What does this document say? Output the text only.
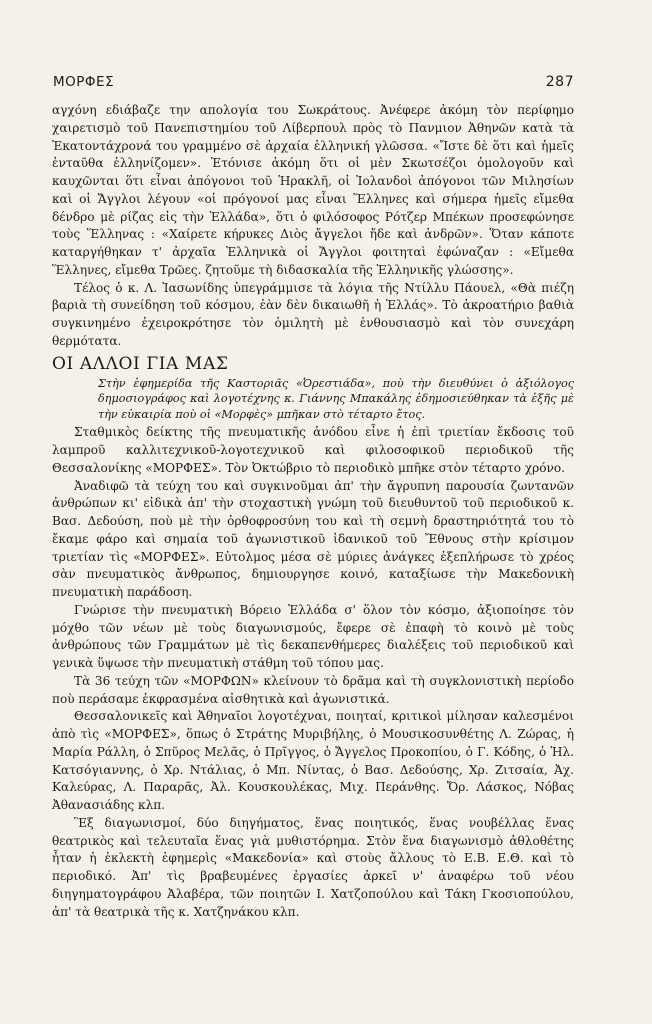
ΜΟΡΦΕΣ	287

αγχόνη εδιάβαζε την απολογία του Σωκράτους. Ἀνέφερε ἀκόμη τὸν περίφημο χαιρετισμὸ τοῦ Πανεπιστημίου τοῦ Λίβερπουλ πρὸς τὸ Πανμιον Ἀθηνῶν κατὰ τὰ Ἐκατοντάχρονά του γραμμένο σὲ ἀρχαία ἑλληνική γλῶσσα. «Ἴστε δὲ ὅτι καὶ ἡμεῖς ἐνταῦθα ἐλληνίζομεν». Ἐτόνισε ἀκόμη ὅτι οἱ μὲν Σκωτσέζοι ὁμολογοῦν καὶ καυχῶνται ὅτι εἶναι ἀπόγονοι τοῦ Ἡρακλῆ, οἱ Ἰολανδοὶ ἀπόγονοι τῶν Μιλησίων καὶ οἱ Ἄγγλοι λέγουν «οἱ πρόγονοί μας εἶναι Ἕλληνες καὶ σήμερα ἡμεῖς εἴμεθα δένδρο μὲ ρίζας εἰς τὴν Ἑλλάδα», ὅτι ὁ φιλόσοφος Ρότζερ Μπέκων προσεφώνησε τοὺς Ἕλληνας : «Χαίρετε κήρυκες Διὸς ἄγγελοι ἤδε καὶ ἀνδρῶν». Ὅταν κάποτε καταργήθηκαν τ' ἀρχαῖα Ἑλληνικὰ οἱ Ἄγγλοι φοιτηταὶ ἐφώναζαν : «Εἴμεθα Ἕλληνες, εἴμεθα Τρῶες. ζητοῦμε τὴ διδασκαλία τῆς Ἑλληνικῆς γλώσσης».

Τέλος ὁ κ. Λ. Ἰασωνίδης ὑπεγράμμισε τὰ λόγια τῆς Ντίλλυ Πάουελ, «Θὰ πιέζη βαριὰ τὴ συνείδηση τοῦ κόσμου, ἐὰν δὲν δικαιωθῆ ἡ Ἑλλάς». Τὸ ἀκροατήριο βαθιὰ συγκινημένο ἐχειροκρότησε τὸν ὁμιλητὴ μὲ ἐνθουσιασμὸ καὶ τὸν συνεχάρη θερμότατα.

ΟΙ ΑΛΛΟΙ ΓΙΑ ΜΑΣ

Στὴν ἐφημερίδα τῆς Καστοριᾶς «Ὀρεστιάδα», ποὺ τὴν διευθύνει ὁ ἀξιόλογος δημοσιογράφος καὶ λογοτέχνης κ. Γιάννης Μπακάλης ἐδημοσιεύθηκαν τὰ ἑξῆς μὲ τὴν εὐκαιρία ποὺ οἱ «Μορφὲς» μπῆκαν στὸ τέταρτο ἔτος.

Σταθμικὸς δείκτης τῆς πνευματικῆς ἀνόδου εἶνε ἡ ἐπὶ τριετίαν ἔκδοσις τοῦ λαμπροῦ καλλιτεχνικοῦ-λογοτεχνικοῦ καὶ φιλοσοφικοῦ περιοδικοῦ τῆς Θεσσαλονίκης «ΜΟΡΦΕΣ». Τὸν Ὀκτώβριο τὸ περιοδικὸ μπῆκε στὸν τέταρτο χρόνο.

Ἀναδιφῶ τὰ τεύχη του καὶ συγκινοῦμαι ἀπ' τὴν ἄγρυπνη παρουσία ζωντανῶν ἀνθρώπων κι' εἰδικὰ ἀπ' τὴν στοχαστικὴ γνώμη τοῦ διευθυντοῦ τοῦ περιοδικοῦ κ. Βασ. Δεδούση, ποὺ μὲ τὴν ὀρθοφροσύνη του καὶ τὴ σεμνὴ δραστηριότητά του τὸ ἔκαμε φάρο καὶ σημαία τοῦ ἀγωνιστικοῦ ἰδανικοῦ τοῦ Ἔθνους στὴν κρίσιμον τριετίαν τὶς «ΜΟΡΦΕΣ». Εὐτολμος μέσα σὲ μύριες ἀνάγκες ἐξεπλήρωσε τὸ χρέος σὰν πνευματικὸς ἄνθρωπος, δημιουργησε κοινό, καταξίωσε τὴν Μακεδονικὴ πνευματικὴ παράδοση.

Γνώρισε τὴν πνευματικὴ Βόρειο Ἑλλάδα σ' ὅλον τὸν κόσμο, ἀξιοποίησε τὸν μόχθο τῶν νέων μὲ τοὺς διαγωνισμούς, ἔφερε σὲ ἐπαφὴ τὸ κοινὸ μὲ τοὺς ἀνθρώπους τῶν Γραμμάτων μὲ τὶς δεκαπενθήμερες διαλέξεις τοῦ περιοδικοῦ καὶ γενικὰ ὕψωσε τὴν πνευματικὴ στάθμη τοῦ τόπου μας.

Τὰ 36 τεύχη τῶν «ΜΟΡΦΩΝ» κλείνουν τὸ δρᾶμα καὶ τὴ συγκλονιστικὴ περίοδο ποὺ περάσαμε ἐκφρασμένα αἰσθητικὰ καὶ ἀγωνιστικά.

Θεσσαλονικεῖς καὶ Ἀθηναῖοι λογοτέχναι, ποιηταί, κριτικοὶ μίλησαν καλεσμένοι ἀπὸ τὶς «ΜΟΡΦΕΣ», ὅπως ὁ Στράτης Μυριβήλης, ὁ Μουσικοσυνθέτης Λ. Ζώρας, ἡ Μαρία Ράλλη, ὁ Σπῦρος Μελᾶς, ὁ Πρῖγγος, ὁ Ἄγγελος Προκοπίου, ὁ Γ. Κόδης, ὁ Ἡλ. Κατσόγιαννης, ὁ Χρ. Ντάλιας, ὁ Μπ. Νίντας, ὁ Βασ. Δεδούσης, Χρ. Ζιτσαία, Ἀχ. Καλεύρας, Λ. Παραρᾶς, Ἀλ. Κουσκουλέκας, Μιχ. Περάνθης. Ὄρ. Λάσκος, Νόβας Ἀθανασιάδης κλπ.

Ἓξ διαγωνισμοί, δύο διηγήματος, ἕνας ποιητικός, ἕνας νουβέλλας ἕνας θεατρικὸς καὶ τελευταῖα ἕνας γιὰ μυθιστόρημα. Στὸν ἕνα διαγωνισμὸ ἀθλοθέτης ἦταν ἡ ἐκλεκτὴ ἐφημερὶς «Μακεδονία» καὶ στοὺς ἄλλους τὸ Ε.Β. Ε.Θ. καὶ τὸ περιοδικό. Ἀπ' τὶς βραβευμένες ἐργασίες ἀρκεῖ ν' ἀναφέρω τοῦ νέου διηγηματογράφου Ἀλαβέρα, τῶν ποιητῶν Ι. Χατζοπούλου καὶ Τάκη Γκοσιοπούλου, ἀπ' τὰ θεατρικὰ τῆς κ. Χατζηνάκου κλπ.
